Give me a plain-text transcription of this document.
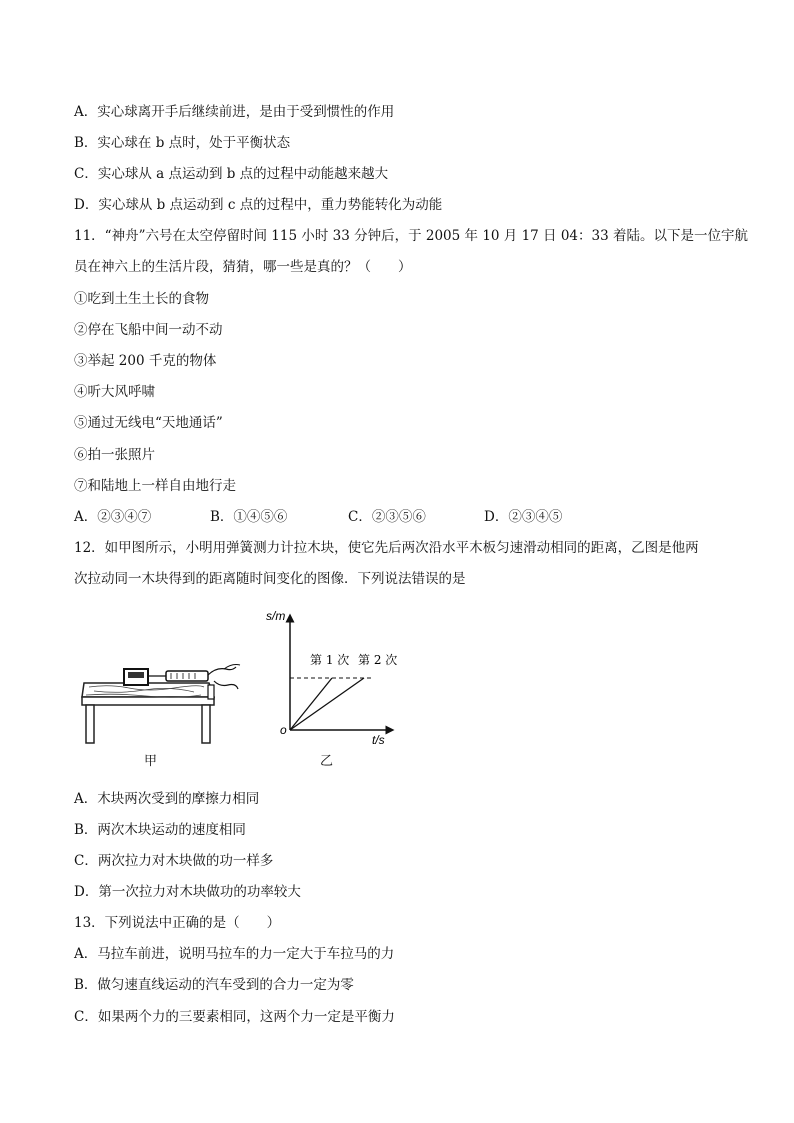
A．实心球离开手后继续前进，是由于受到惯性的作用
B．实心球在 b 点时，处于平衡状态
C．实心球从 a 点运动到 b 点的过程中动能越来越大
D．实心球从 b 点运动到 c 点的过程中，重力势能转化为动能
11．“神舟”六号在太空停留时间 115 小时 33 分钟后，于 2005 年 10 月 17 日 04：33 着陆。以下是一位宇航
员在神六上的生活片段，猜猜，哪一些是真的？（　　）
①吃到土生土长的食物
②停在飞船中间一动不动
③举起 200 千克的物体
④听大风呼啸
⑤通过无线电“天地通话”
⑥拍一张照片
⑦和陆地上一样自由地行走
A．②③④⑦	B．①④⑤⑥	C．②③⑤⑥	D．②③④⑤
12．如甲图所示，小明用弹簧测力计拉木块，使它先后两次沿水平木板匀速滑动相同的距离，乙图是他两
次拉动同一木块得到的距离随时间变化的图像．下列说法错误的是
甲
s/m
t/s
o
第 1 次 第 2 次
乙
A．木块两次受到的摩擦力相同
B．两次木块运动的速度相同
C．两次拉力对木块做的功一样多
D．第一次拉力对木块做功的功率较大
13．下列说法中正确的是（　　）
A．马拉车前进，说明马拉车的力一定大于车拉马的力
B．做匀速直线运动的汽车受到的合力一定为零
C．如果两个力的三要素相同，这两个力一定是平衡力
